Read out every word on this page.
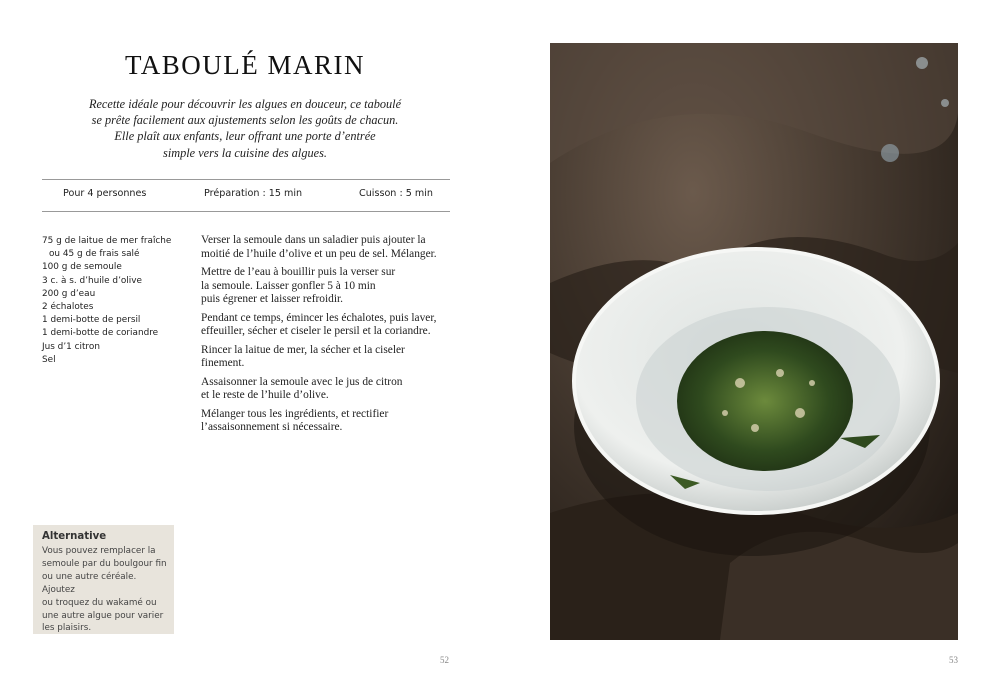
TABOULÉ MARIN
Recette idéale pour découvrir les algues en douceur, ce taboulé
se prête facilement aux ajustements selon les goûts de chacun.
Elle plaît aux enfants, leur offrant une porte d’entrée
simple vers la cuisine des algues.
Pour 4 personnes	Préparation : 15 min	Cuisson : 5 min
75 g de laitue de mer fraîche
ou 45 g de frais salé
100 g de semoule
3 c. à s. d’huile d’olive
200 g d’eau
2 échalotes
1 demi-botte de persil
1 demi-botte de coriandre
Jus d’1 citron
Sel

Verser la semoule dans un saladier puis ajouter la
moitié de l’huile d’olive et un peu de sel. Mélanger.

Mettre de l’eau à bouillir puis la verser sur
la semoule. Laisser gonfler 5 à 10 min
puis égrener et laisser refroidir.

Pendant ce temps, émincer les échalotes, puis laver,
effeuiller, sécher et ciseler le persil et la coriandre.

Rincer la laitue de mer, la sécher et la ciseler
finement.

Assaisonner la semoule avec le jus de citron
et le reste de l’huile d’olive.

Mélanger tous les ingrédients, et rectifier
l’assaisonnement si nécessaire.

Alternative
Vous pouvez remplacer la
semoule par du boulgour fin
ou une autre céréale. Ajoutez
ou troquez du wakamé ou
une autre algue pour varier
les plaisirs.
52	53
